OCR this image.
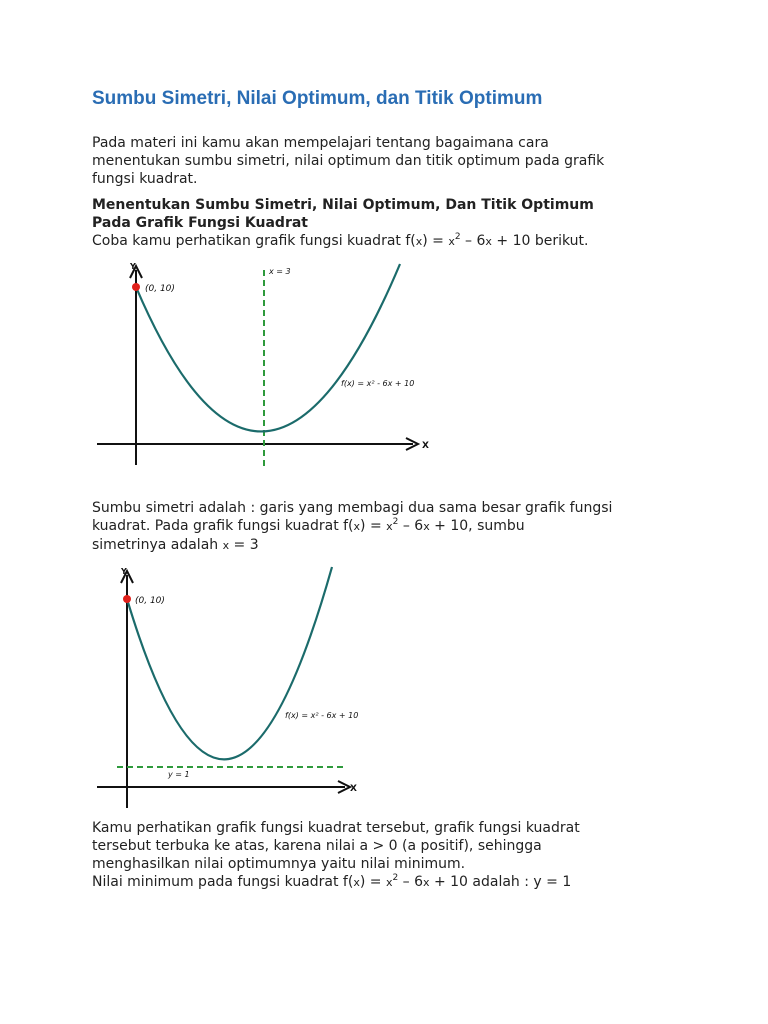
Sumbu Simetri, Nilai Optimum, dan Titik Optimum

Pada materi ini kamu akan mempelajari tentang bagaimana cara
menentukan sumbu simetri, nilai optimum dan titik optimum pada grafik
fungsi kuadrat.

Menentukan Sumbu Simetri, Nilai Optimum, Dan Titik Optimum
Pada Grafik Fungsi Kuadrat
Coba kamu perhatikan grafik fungsi kuadrat $f(x) = x^2 - 6x + 10$ berikut.
Y
X
(0, 10)
x = 3
f(x) = x² - 6x + 10

Sumbu simetri adalah : garis yang membagi dua sama besar grafik fungsi
kuadrat. Pada grafik fungsi kuadrat $f(x) = x^2 - 6x + 10$, sumbu
simetrinya adalah x = 3

Y
X
(0, 10)
y = 1
f(x) = x² - 6x + 10

Kamu perhatikan grafik fungsi kuadrat tersebut, grafik fungsi kuadrat
tersebut terbuka ke atas, karena nilai a > 0 (a positif), sehingga
menghasilkan nilai optimumnya yaitu nilai minimum.
Nilai minimum pada fungsi kuadrat $f(x) = x^2 - 6x + 10$ adalah : y = 1
